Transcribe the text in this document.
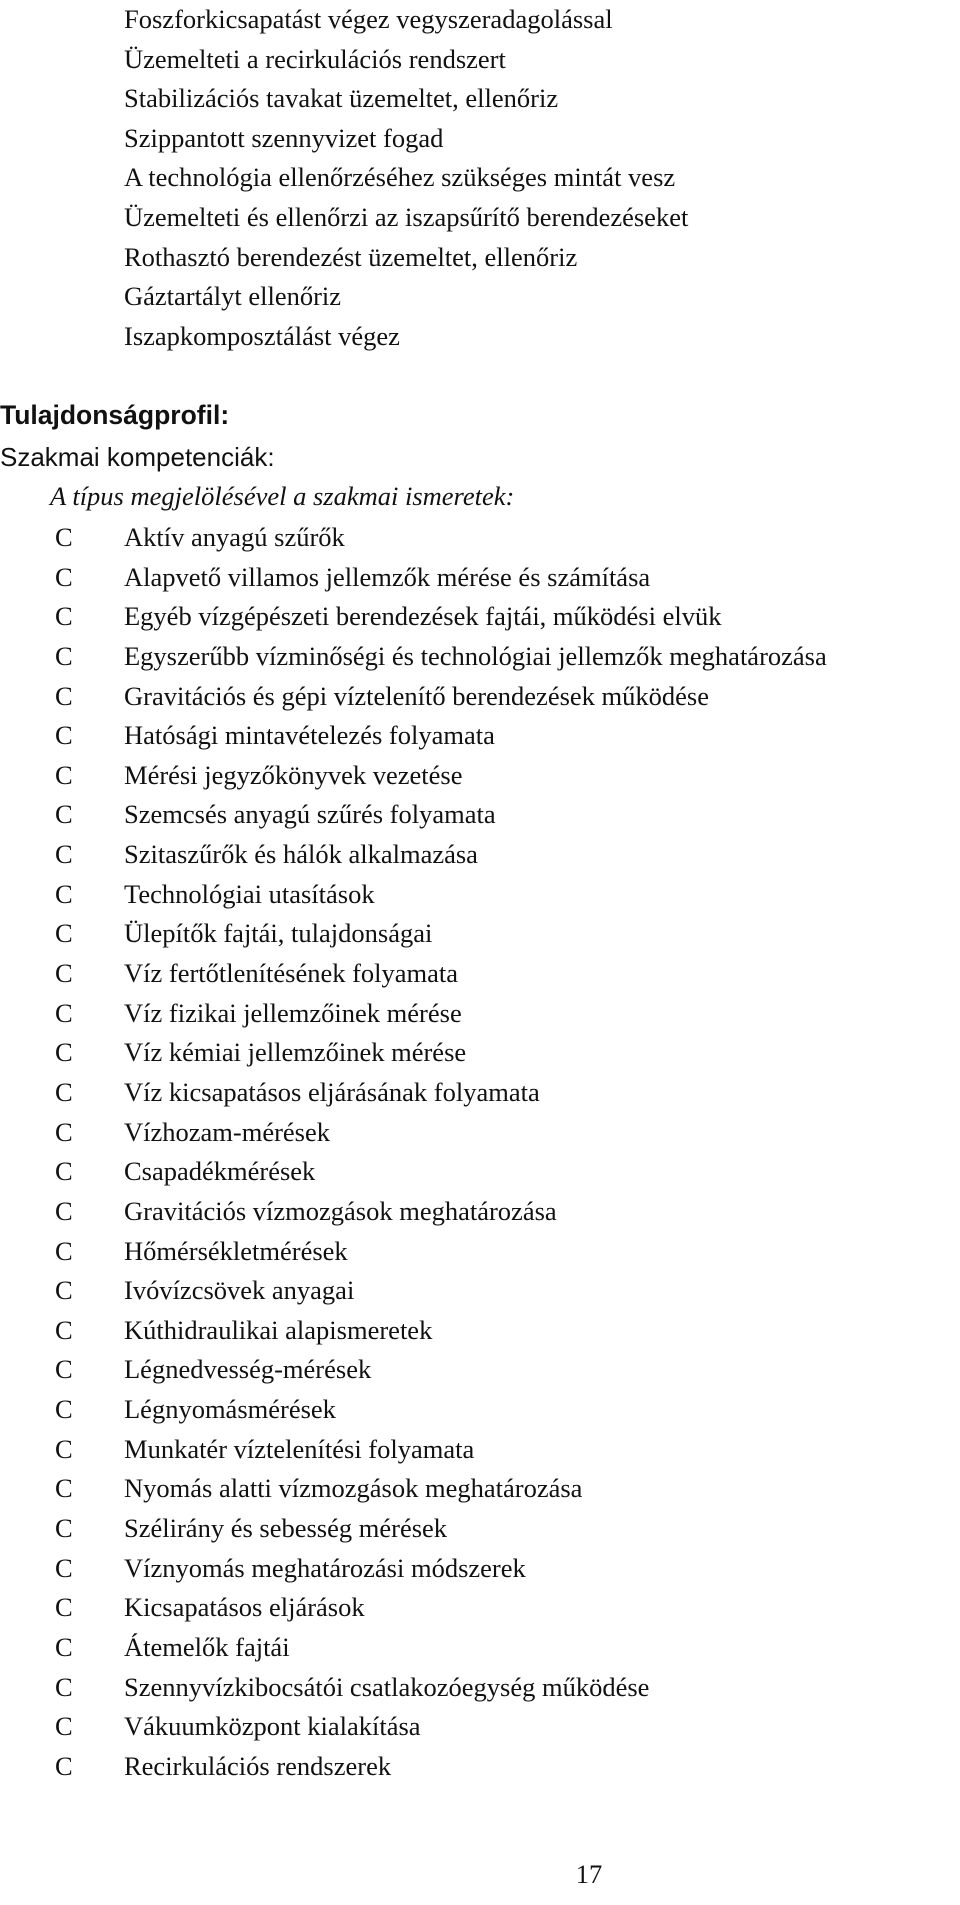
Foszforkicsapatást végez vegyszeradagolással
Üzemelteti a recirkulációs rendszert
Stabilizációs tavakat üzemeltet, ellenőriz
Szippantott szennyvizet fogad
A technológia ellenőrzéséhez szükséges mintát vesz
Üzemelteti és ellenőrzi az iszapsűrítő berendezéseket
Rothasztó berendezést üzemeltet, ellenőriz
Gáztartályt ellenőriz
Iszapkomposztálást végez
Tulajdonságprofil:
Szakmai kompetenciák:
A típus megjelölésével a szakmai ismeretek:
C Aktív anyagú szűrők
C Alapvető villamos jellemzők mérése és számítása
C Egyéb vízgépészeti berendezések fajtái, működési elvük
C Egyszerűbb vízminőségi és technológiai jellemzők meghatározása
C Gravitációs és gépi víztelenítő berendezések működése
C Hatósági mintavételezés folyamata
C Mérési jegyzőkönyvek vezetése
C Szemcsés anyagú szűrés folyamata
C Szitaszűrők és hálók alkalmazása
C Technológiai utasítások
C Ülepítők fajtái, tulajdonságai
C Víz fertőtlenítésének folyamata
C Víz fizikai jellemzőinek mérése
C Víz kémiai jellemzőinek mérése
C Víz kicsapatásos eljárásának folyamata
C Vízhozam-mérések
C Csapadékmérések
C Gravitációs vízmozgások meghatározása
C Hőmérsékletmérések
C Ivóvízcsövek anyagai
C Kúthidraulikai alapismeretek
C Légnedvesség-mérések
C Légnyomásmérések
C Munkatér víztelenítési folyamata
C Nyomás alatti vízmozgások meghatározása
C Szélirány és sebesség mérések
C Víznyomás meghatározási módszerek
C Kicsapatásos eljárások
C Átemelők fajtái
C Szennyvízkibocsátói csatlakozóegység működése
C Vákuumközpont kialakítása
C Recirkulációs rendszerek
17
